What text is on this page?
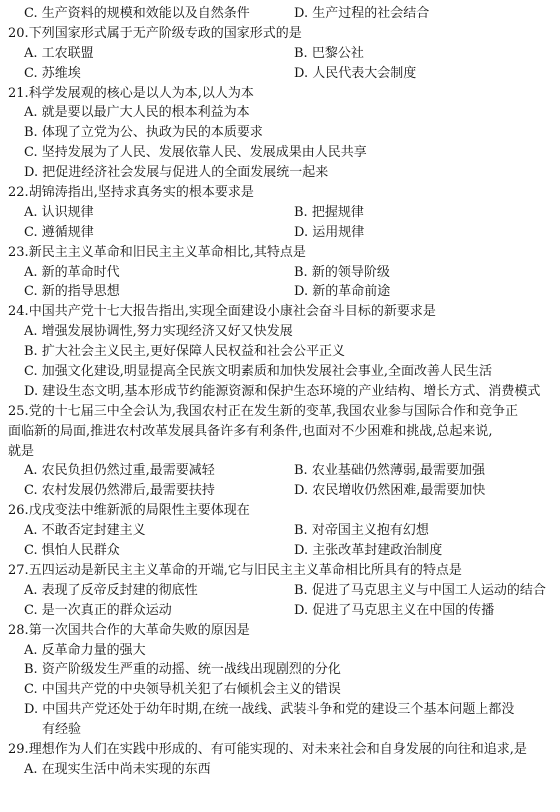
C. 生产资料的规模和效能以及自然条件	D. 生产过程的社会结合
20.下列国家形式属于无产阶级专政的国家形式的是
A. 工农联盟	B. 巴黎公社
C. 苏维埃	D. 人民代表大会制度
21.科学发展观的核心是以人为本,以人为本
A. 就是要以最广大人民的根本利益为本
B. 体现了立党为公、执政为民的本质要求
C. 坚持发展为了人民、发展依靠人民、发展成果由人民共享
D. 把促进经济社会发展与促进人的全面发展统一起来
22.胡锦涛指出,坚持求真务实的根本要求是
A. 认识规律	B. 把握规律
C. 遵循规律	D. 运用规律
23.新民主主义革命和旧民主主义革命相比,其特点是
A. 新的革命时代	B. 新的领导阶级
C. 新的指导思想	D. 新的革命前途
24.中国共产党十七大报告指出,实现全面建设小康社会奋斗目标的新要求是
A. 增强发展协调性,努力实现经济又好又快发展
B. 扩大社会主义民主,更好保障人民权益和社会公平正义
C. 加强文化建设,明显提高全民族文明素质和加快发展社会事业,全面改善人民生活
D. 建设生态文明,基本形成节约能源资源和保护生态环境的产业结构、增长方式、消费模式
25.党的十七届三中全会认为,我国农村正在发生新的变革,我国农业参与国际合作和竞争正
面临新的局面,推进农村改革发展具备许多有利条件,也面对不少困难和挑战,总起来说,
就是
A. 农民负担仍然过重,最需要减轻	B. 农业基础仍然薄弱,最需要加强
C. 农村发展仍然滞后,最需要扶持	D. 农民增收仍然困难,最需要加快
26.戊戌变法中维新派的局限性主要体现在
A. 不敢否定封建主义	B. 对帝国主义抱有幻想
C. 惧怕人民群众	D. 主张改革封建政治制度
27.五四运动是新民主主义革命的开端,它与旧民主主义革命相比所具有的特点是
A. 表现了反帝反封建的彻底性	B. 促进了马克思主义与中国工人运动的结合
C. 是一次真正的群众运动	D. 促进了马克思主义在中国的传播
28.第一次国共合作的大革命失败的原因是
A. 反革命力量的强大
B. 资产阶级发生严重的动摇、统一战线出现剧烈的分化
C. 中国共产党的中央领导机关犯了右倾机会主义的错误
D. 中国共产党还处于幼年时期,在统一战线、武装斗争和党的建设三个基本问题上都没
有经验
29.理想作为人们在实践中形成的、有可能实现的、对未来社会和自身发展的向往和追求,是
A. 在现实生活中尚未实现的东西
